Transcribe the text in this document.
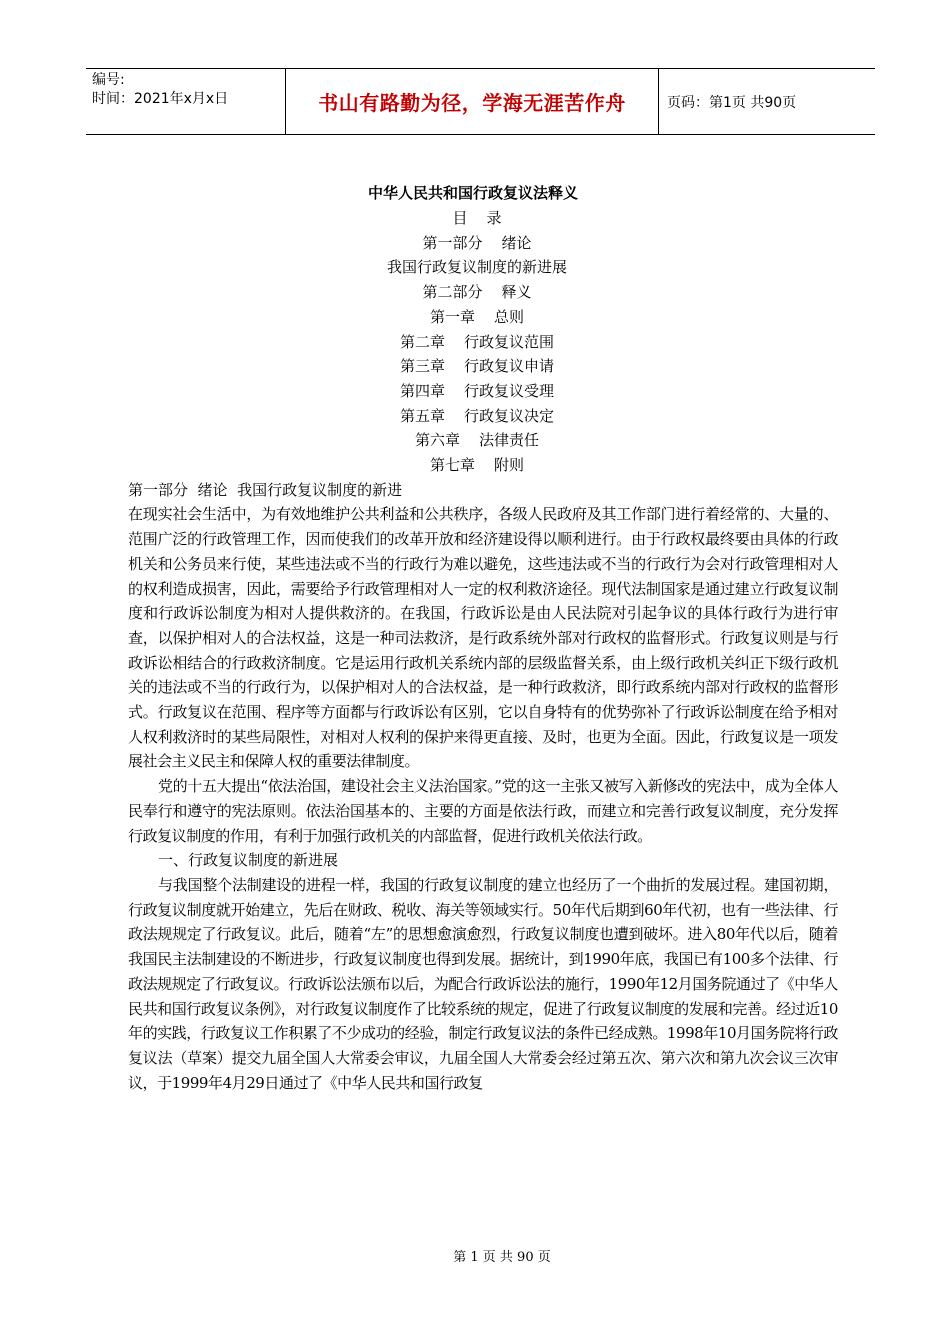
编号:
时间：2021年x月x日	书山有路勤为径，学海无涯苦作舟	页码：第1页 共90页
中华人民共和国行政复议法释义
目    录
第一部分    绪论
我国行政复议制度的新进展
第二部分    释义
第一章    总则
第二章    行政复议范围
第三章    行政复议申请
第四章    行政复议受理
第五章    行政复议决定
第六章    法律责任
第七章    附则
第一部分  绪论  我国行政复议制度的新进
在现实社会生活中，为有效地维护公共利益和公共秩序，各级人民政府及其工作部门进行着经常的、大量的、范围广泛的行政管理工作，因而使我们的改革开放和经济建设得以顺利进行。由于行政权最终要由具体的行政机关和公务员来行使，某些违法或不当的行政行为难以避免，这些违法或不当的行政行为会对行政管理相对人的权利造成损害，因此，需要给予行政管理相对人一定的权利救济途径。现代法制国家是通过建立行政复议制度和行政诉讼制度为相对人提供救济的。在我国，行政诉讼是由人民法院对引起争议的具体行政行为进行审查，以保护相对人的合法权益，这是一种司法救济，是行政系统外部对行政权的监督形式。行政复议则是与行政诉讼相结合的行政救济制度。它是运用行政机关系统内部的层级监督关系，由上级行政机关纠正下级行政机关的违法或不当的行政行为，以保护相对人的合法权益，是一种行政救济，即行政系统内部对行政权的监督形式。行政复议在范围、程序等方面都与行政诉讼有区别，它以自身特有的优势弥补了行政诉讼制度在给予相对人权利救济时的某些局限性，对相对人权利的保护来得更直接、及时，也更为全面。因此，行政复议是一项发展社会主义民主和保障人权的重要法律制度。
党的十五大提出“依法治国，建设社会主义法治国家。”党的这一主张又被写入新修改的宪法中，成为全体人民奉行和遵守的宪法原则。依法治国基本的、主要的方面是依法行政，而建立和完善行政复议制度，充分发挥行政复议制度的作用，有利于加强行政机关的内部监督，促进行政机关依法行政。
一、行政复议制度的新进展
与我国整个法制建设的进程一样，我国的行政复议制度的建立也经历了一个曲折的发展过程。建国初期，行政复议制度就开始建立，先后在财政、税收、海关等领域实行。50年代后期到60年代初，也有一些法律、行政法规规定了行政复议。此后，随着“左”的思想愈演愈烈，行政复议制度也遭到破坏。进入80年代以后，随着我国民主法制建设的不断进步，行政复议制度也得到发展。据统计，到1990年底，我国已有100多个法律、行政法规规定了行政复议。行政诉讼法颁布以后，为配合行政诉讼法的施行，1990年12月国务院通过了《中华人民共和国行政复议条例》，对行政复议制度作了比较系统的规定，促进了行政复议制度的发展和完善。经过近10年的实践，行政复议工作积累了不少成功的经验，制定行政复议法的条件已经成熟。1998年10月国务院将行政复议法（草案）提交九届全国人大常委会审议，九届全国人大常委会经过第五次、第六次和第九次会议三次审议，于1999年4月29日通过了《中华人民共和国行政复
第 1 页 共 90 页
